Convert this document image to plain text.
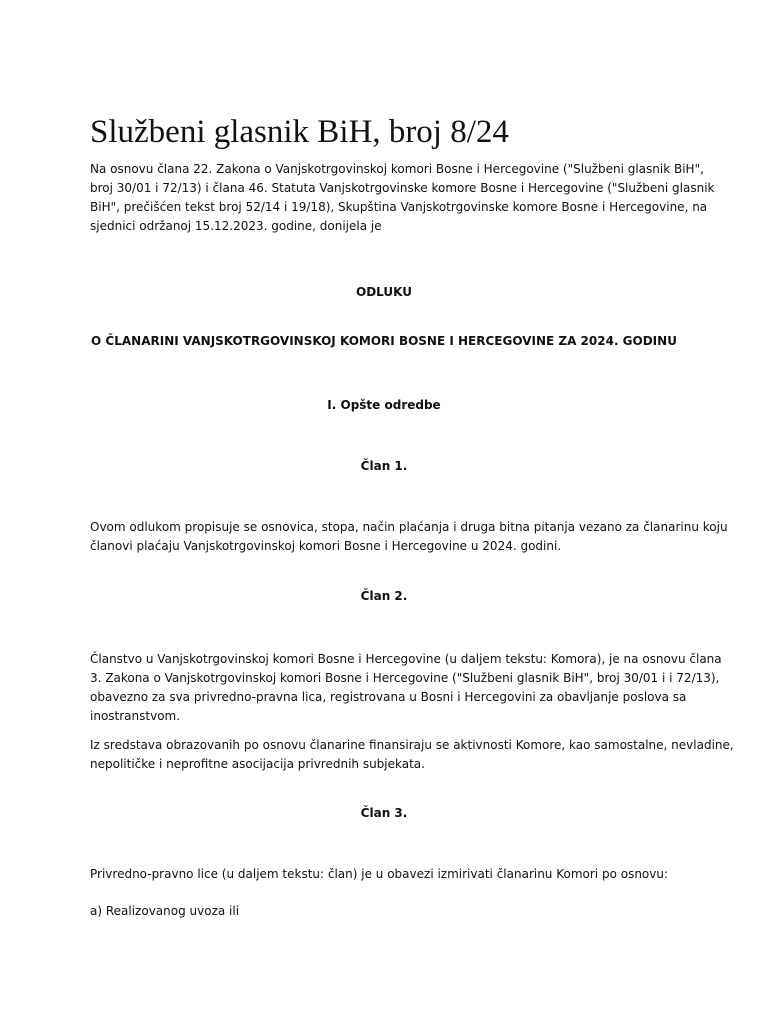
Službeni glasnik BiH, broj 8/24

Na osnovu člana 22. Zakona o Vanjskotrgovinskoj komori Bosne i Hercegovine ("Službeni glasnik BiH",
broj 30/01 i 72/13) i člana 46. Statuta Vanjskotrgovinske komore Bosne i Hercegovine ("Službeni glasnik
BiH", prečišćen tekst broj 52/14 i 19/18), Skupština Vanjskotrgovinske komore Bosne i Hercegovine, na
sjednici održanoj 15.12.2023. godine, donijela je

ODLUKU
O ČLANARINI VANJSKOTRGOVINSKOJ KOMORI BOSNE I HERCEGOVINE ZA 2024. GODINU
I. Opšte odredbe
Član 1.

Ovom odlukom propisuje se osnovica, stopa, način plaćanja i druga bitna pitanja vezano za članarinu koju
članovi plaćaju Vanjskotrgovinskoj komori Bosne i Hercegovine u 2024. godini.

Član 2.

Članstvo u Vanjskotrgovinskoj komori Bosne i Hercegovine (u daljem tekstu: Komora), je na osnovu člana
3. Zakona o Vanjskotrgovinskoj komori Bosne i Hercegovine ("Službeni glasnik BiH", broj 30/01 i i 72/13),
obavezno za sva privredno-pravna lica, registrovana u Bosni i Hercegovini za obavljanje poslova sa
inostranstvom.

Iz sredstava obrazovanih po osnovu članarine finansiraju se aktivnosti Komore, kao samostalne, nevladine,
nepolitičke i neprofitne asocijacija privrednih subjekata.

Član 3.

Privredno-pravno lice (u daljem tekstu: član) je u obavezi izmirivati članarinu Komori po osnovu:

a) Realizovanog uvoza ili
